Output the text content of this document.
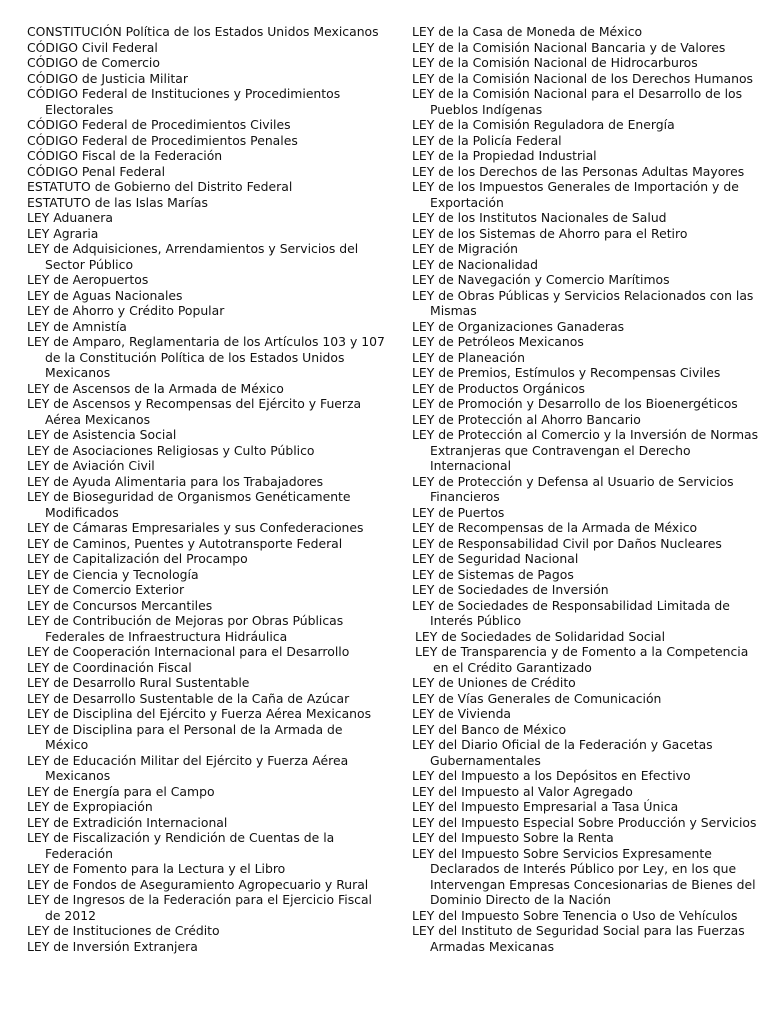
CONSTITUCIÓN Política de los Estados Unidos Mexicanos
CÓDIGO Civil Federal
CÓDIGO de Comercio
CÓDIGO de Justicia Militar
CÓDIGO Federal de Instituciones y Procedimientos Electorales
CÓDIGO Federal de Procedimientos Civiles
CÓDIGO Federal de Procedimientos Penales
CÓDIGO Fiscal de la Federación
CÓDIGO Penal Federal
ESTATUTO de Gobierno del Distrito Federal
ESTATUTO de las Islas Marías
LEY Aduanera
LEY Agraria
LEY de Adquisiciones, Arrendamientos y Servicios del Sector Público
LEY de Aeropuertos
LEY de Aguas Nacionales
LEY de Ahorro y Crédito Popular
LEY de Amnistía
LEY de Amparo, Reglamentaria de los Artículos 103 y 107 de la Constitución Política de los Estados Unidos Mexicanos
LEY de Ascensos de la Armada de México
LEY de Ascensos y Recompensas del Ejército y Fuerza Aérea Mexicanos
LEY de Asistencia Social
LEY de Asociaciones Religiosas y Culto Público
LEY de Aviación Civil
LEY de Ayuda Alimentaria para los Trabajadores
LEY de Bioseguridad de Organismos Genéticamente Modificados
LEY de Cámaras Empresariales y sus Confederaciones
LEY de Caminos, Puentes y Autotransporte Federal
LEY de Capitalización del Procampo
LEY de Ciencia y Tecnología
LEY de Comercio Exterior
LEY de Concursos Mercantiles
LEY de Contribución de Mejoras por Obras Públicas Federales de Infraestructura Hidráulica
LEY de Cooperación Internacional para el Desarrollo
LEY de Coordinación Fiscal
LEY de Desarrollo Rural Sustentable
LEY de Desarrollo Sustentable de la Caña de Azúcar
LEY de Disciplina del Ejército y Fuerza Aérea Mexicanos
LEY de Disciplina para el Personal de la Armada de México
LEY de Educación Militar del Ejército y Fuerza Aérea Mexicanos
LEY de Energía para el Campo
LEY de Expropiación
LEY de Extradición Internacional
LEY de Fiscalización y Rendición de Cuentas de la Federación
LEY de Fomento para la Lectura y el Libro
LEY de Fondos de Aseguramiento Agropecuario y Rural
LEY de Ingresos de la Federación para el Ejercicio Fiscal de 2012
LEY de Instituciones de Crédito
LEY de Inversión Extranjera
LEY de la Casa de Moneda de México
LEY de la Comisión Nacional Bancaria y de Valores
LEY de la Comisión Nacional de Hidrocarburos
LEY de la Comisión Nacional de los Derechos Humanos
LEY de la Comisión Nacional para el Desarrollo de los Pueblos Indígenas
LEY de la Comisión Reguladora de Energía
LEY de la Policía Federal
LEY de la Propiedad Industrial
LEY de los Derechos de las Personas Adultas Mayores
LEY de los Impuestos Generales de Importación y de Exportación
LEY de los Institutos Nacionales de Salud
LEY de los Sistemas de Ahorro para el Retiro
LEY de Migración
LEY de Nacionalidad
LEY de Navegación y Comercio Marítimos
LEY de Obras Públicas y Servicios Relacionados con las Mismas
LEY de Organizaciones Ganaderas
LEY de Petróleos Mexicanos
LEY de Planeación
LEY de Premios, Estímulos y Recompensas Civiles
LEY de Productos Orgánicos
LEY de Promoción y Desarrollo de los Bioenergéticos
LEY de Protección al Ahorro Bancario
LEY de Protección al Comercio y la Inversión de Normas Extranjeras que Contravengan el Derecho Internacional
LEY de Protección y Defensa al Usuario de Servicios Financieros
LEY de Puertos
LEY de Recompensas de la Armada de México
LEY de Responsabilidad Civil por Daños Nucleares
LEY de Seguridad Nacional
LEY de Sistemas de Pagos
LEY de Sociedades de Inversión
LEY de Sociedades de Responsabilidad Limitada de Interés Público
LEY de Sociedades de Solidaridad Social
LEY de Transparencia y de Fomento a la Competencia en el Crédito Garantizado
LEY de Uniones de Crédito
LEY de Vías Generales de Comunicación
LEY de Vivienda
LEY del Banco de México
LEY del Diario Oficial de la Federación y Gacetas Gubernamentales
LEY del Impuesto a los Depósitos en Efectivo
LEY del Impuesto al Valor Agregado
LEY del Impuesto Empresarial a Tasa Única
LEY del Impuesto Especial Sobre Producción y Servicios
LEY del Impuesto Sobre la Renta
LEY del Impuesto Sobre Servicios Expresamente Declarados de Interés Público por Ley, en los que Intervengan Empresas Concesionarias de Bienes del Dominio Directo de la Nación
LEY del Impuesto Sobre Tenencia o Uso de Vehículos
LEY del Instituto de Seguridad Social para las Fuerzas Armadas Mexicanas
